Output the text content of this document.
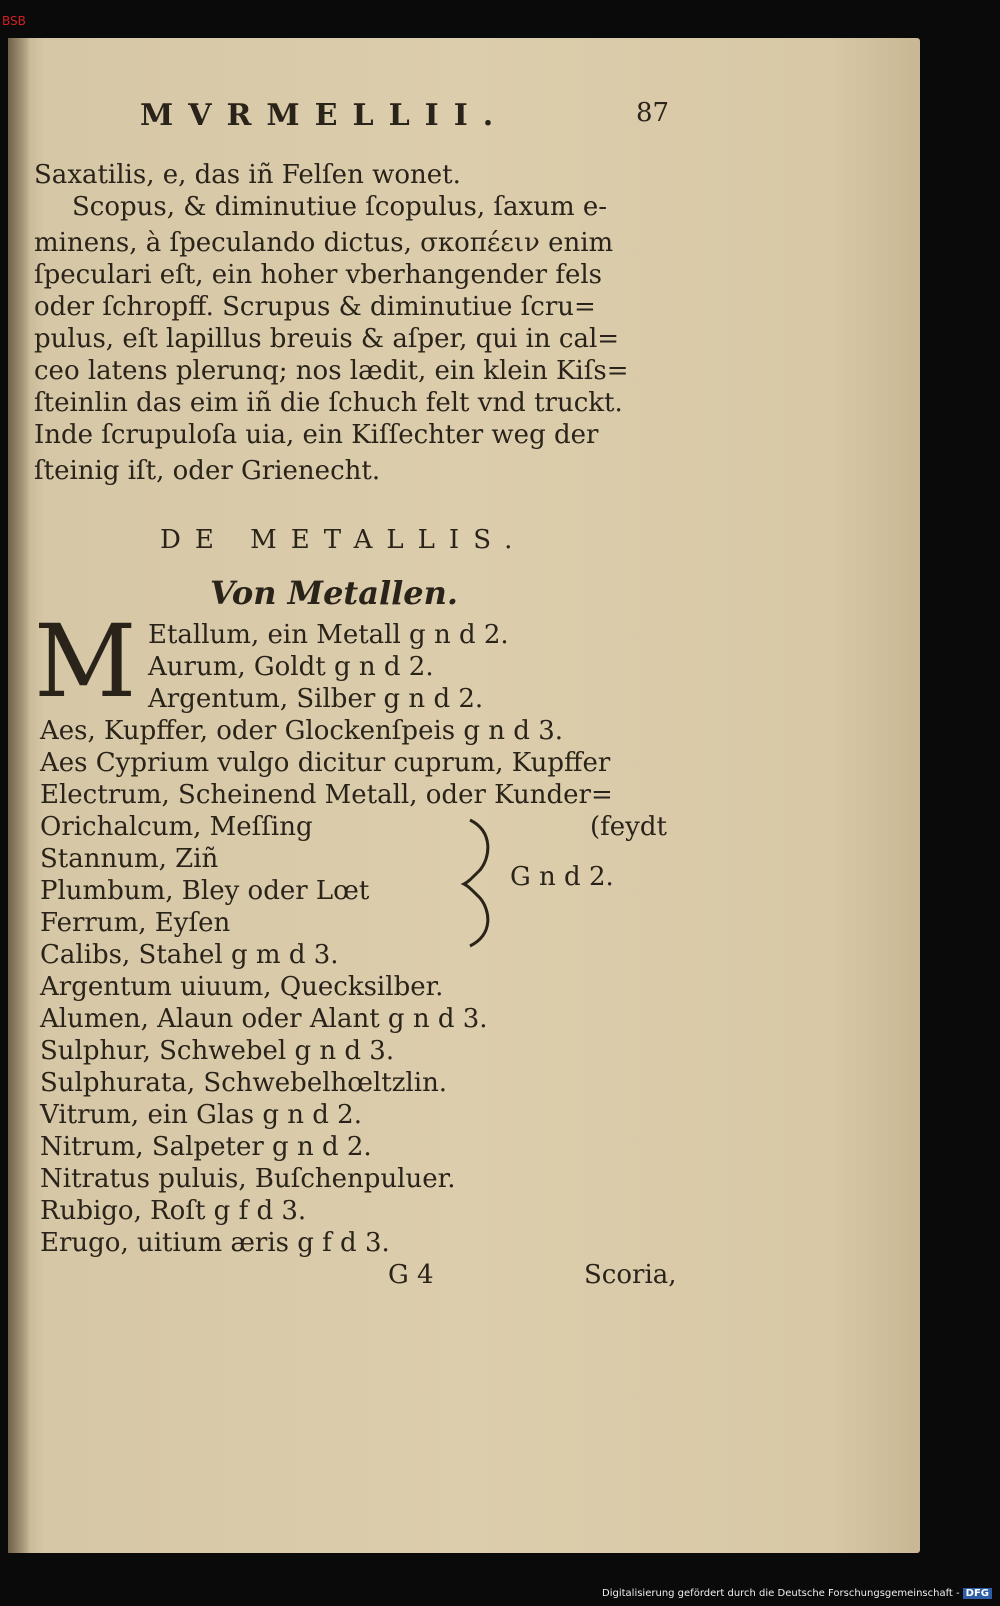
BSB
MVRMELLII.	87
Saxatilis, e, das iñ Felſen wonet.
Scopus, & diminutiue ſcopulus, ſaxum e-
minens, à ſpeculando dictus, σκοπέειν enim
ſpeculari eſt, ein hoher vberhangender fels
oder ſchropff. Scrupus & diminutiue ſcru=
pulus, eſt lapillus breuis & aſper, qui in cal=
ceo latens plerunq; nos lædit, ein klein Kiſs=
ſteinlin das eim iñ die ſchuch felt vnd truckt.
Inde ſcrupuloſa uia, ein Kiſſechter weg der
ſteinig iſt, oder Grienecht.
DE METALLIS.
Von Metallen.
M Etallum, ein Metall g n d 2.
Aurum, Goldt g n d 2.
Argentum, Silber g n d 2.
Aes, Kupffer, oder Glockenſpeis g n d 3.
Aes Cyprium vulgo dicitur cuprum, Kupffer
Electrum, Scheinend Metall, oder Kunder=
Orichalcum, Meſſing	(feydt
Stannum, Ziñ
Plumbum, Bley oder Lœt
Ferrum, Eyſen
G n d 2.
Calibs, Stahel g m d 3.
Argentum uiuum, Quecksilber.
Alumen, Alaun oder Alant g n d 3.
Sulphur, Schwebel g n d 3.
Sulphurata, Schwebelhœltzlin.
Vitrum, ein Glas g n d 2.
Nitrum, Salpeter g n d 2.
Nitratus puluis, Buſchenpuluer.
Rubigo, Roſt g f d 3.
Erugo, uitium æris g f d 3.
G 4	Scoria,
Digitalisierung gefördert durch die Deutsche Forschungsgemeinschaft - DFG
